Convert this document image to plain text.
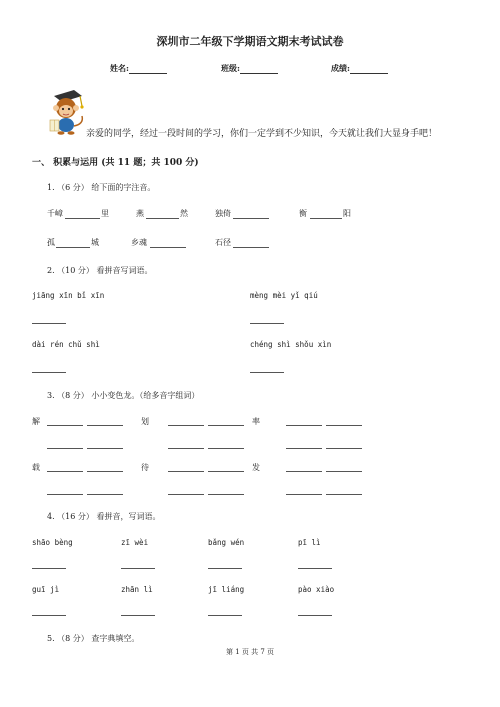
深圳市二年级下学期语文期末考试试卷
姓名:	班级:	成绩:
亲爱的同学，经过一段时间的学习，你们一定学到不少知识，今天就让我们大显身手吧！
一、 积累与运用 (共 11 题；共 100 分)
1. （6 分） 给下面的字注音。
千嶂	里	燕	然	独倚	衡	阳
孤	城	乡魂	石径
2. （10 分） 看拼音写词语。
jiāng xīn bǐ xīn	mèng mèi yǐ qiú
dài rén chǔ shì	chéng shì shǒu xìn
3. （8 分） 小小变色龙。（给多音字组词）
解	划	率
载	待	发
4. （16 分） 看拼音，写词语。
shāo bèng	zī wèi	bǎng wén	pī lì
guī jì	zhān lì	jī liáng	pào xiào
5. （8 分） 查字典填空。
第 1 页 共 7 页
